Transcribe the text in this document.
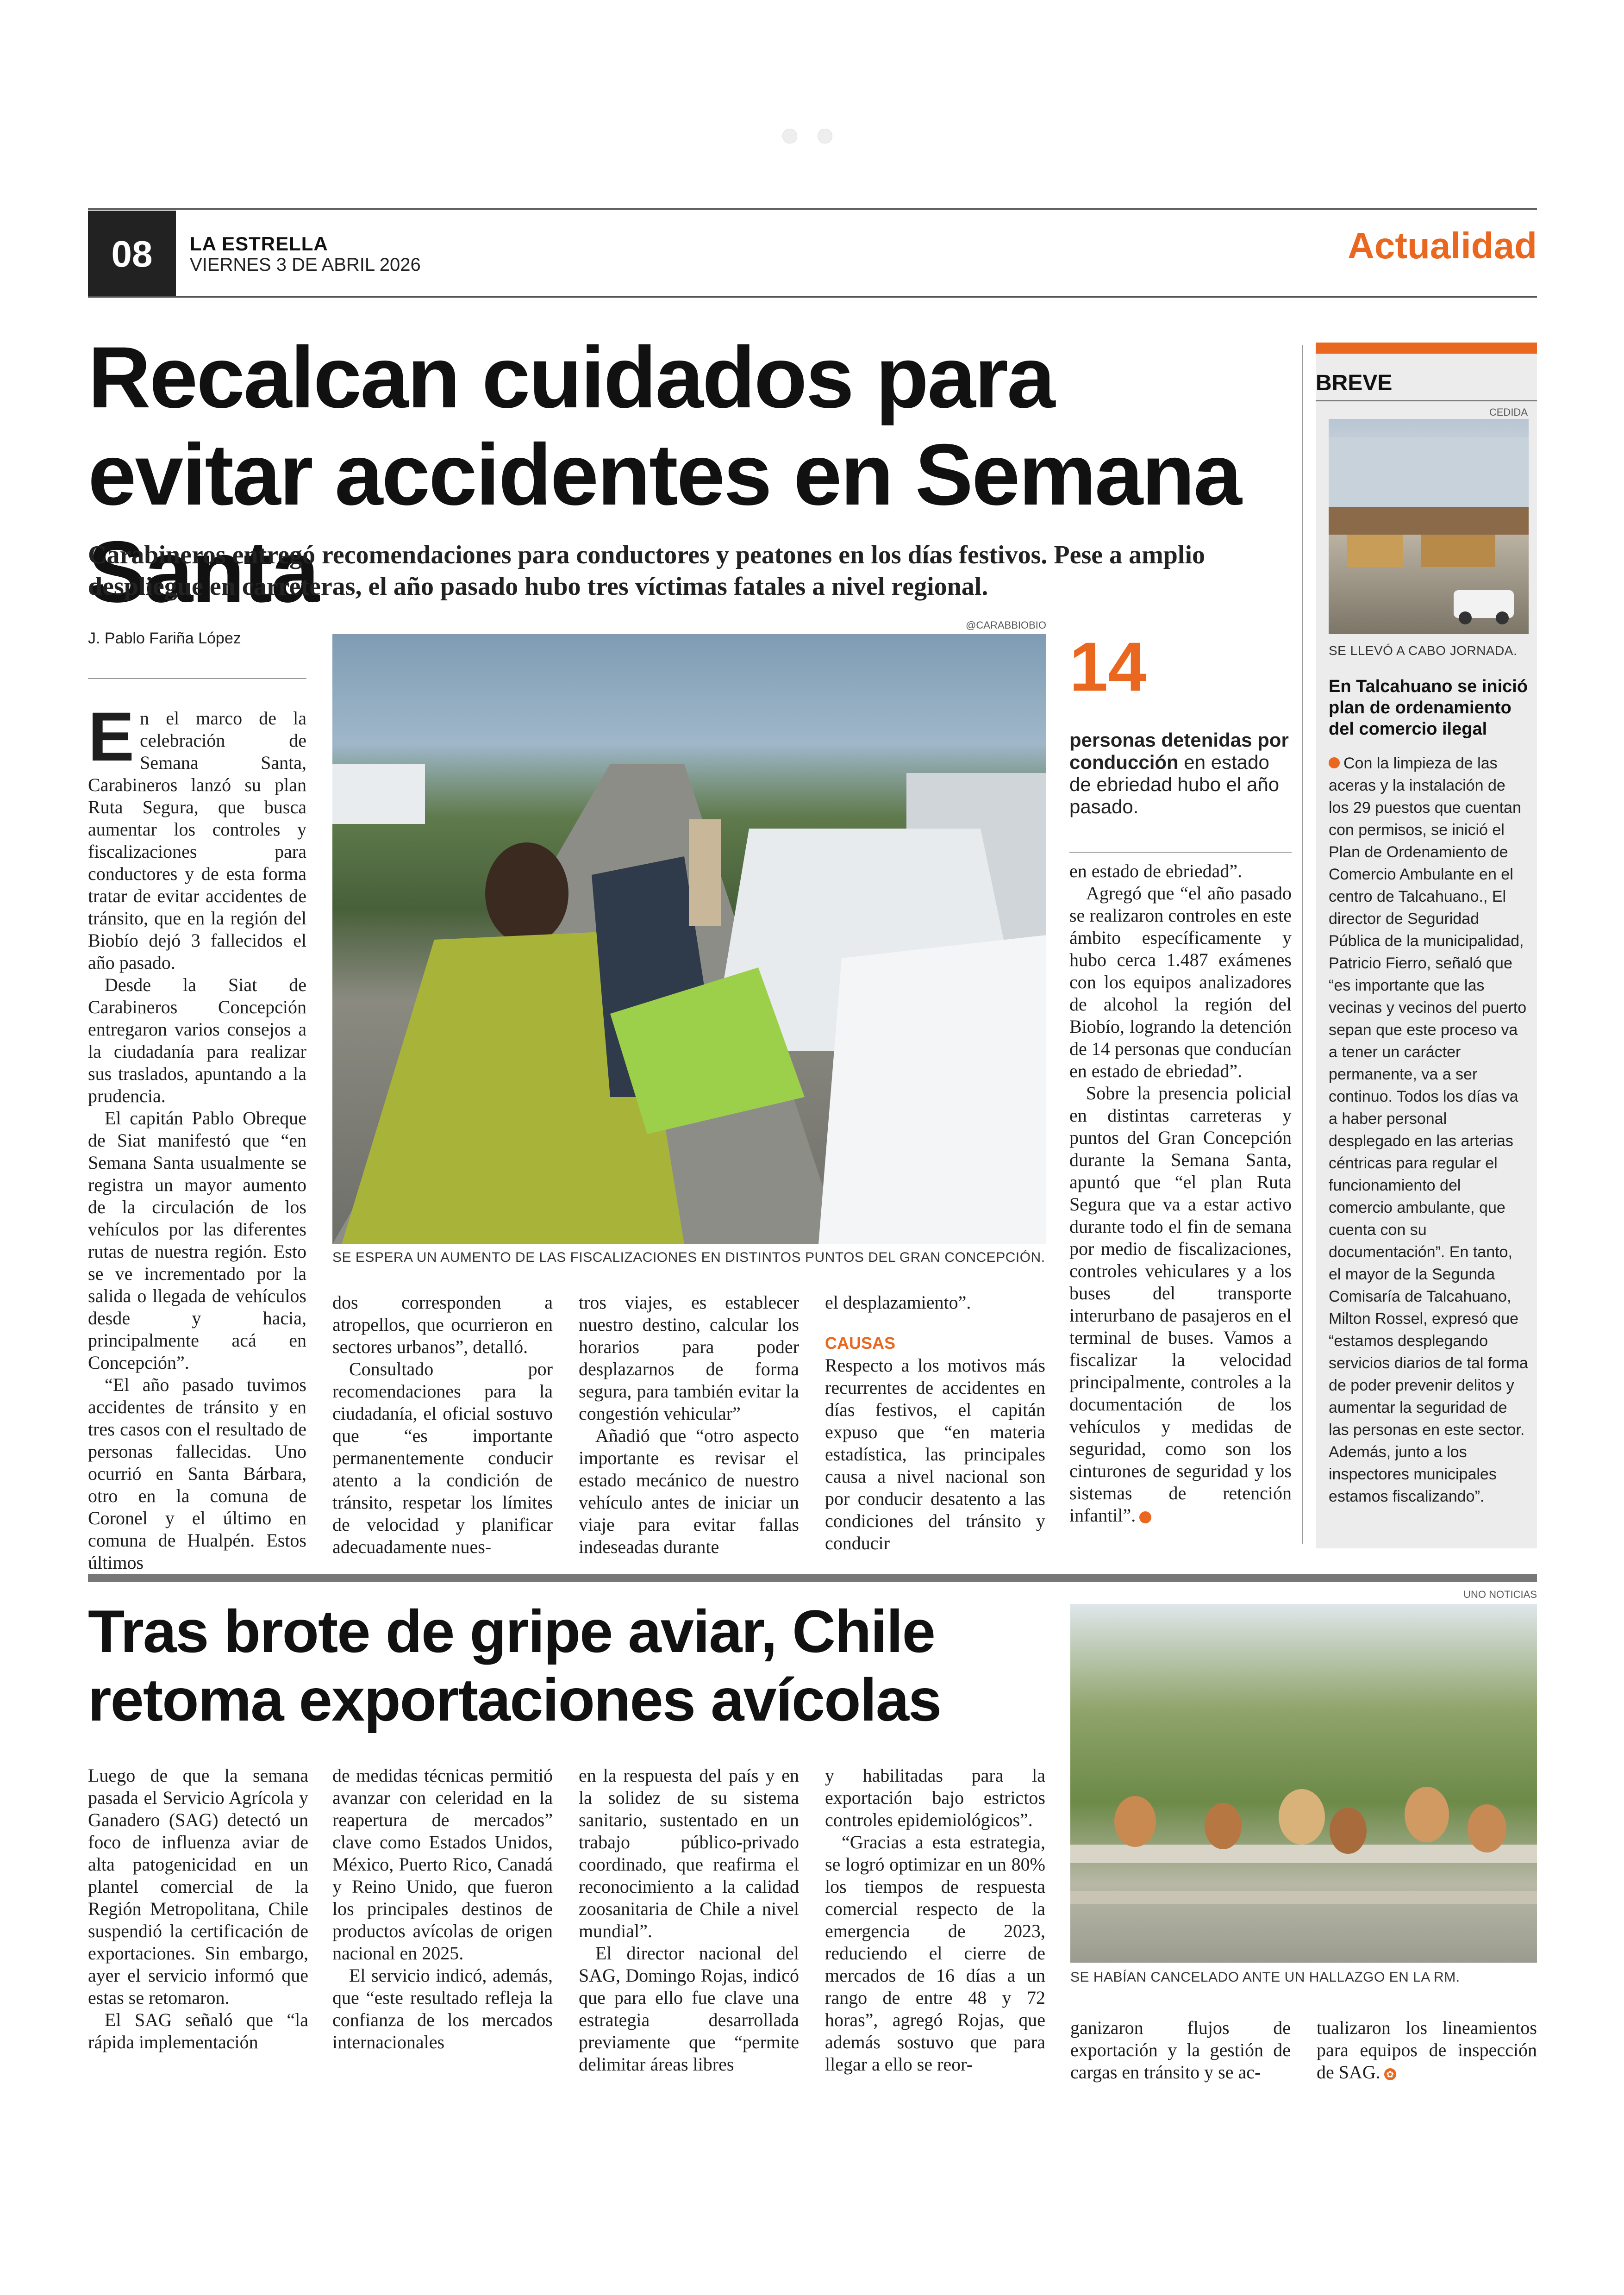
08	LA ESTRELLA
VIERNES 3 DE ABRIL 2026	Actualidad
Recalcan cuidados para evitar accidentes en Semana Santa
Carabineros entregó recomendaciones para conductores y peatones en los días festivos. Pese a amplio despliegue en carreteras, el año pasado hubo tres víctimas fatales a nivel regional.
J. Pablo Fariña López
@CARABBIOBIO
SE ESPERA UN AUMENTO DE LAS FISCALIZACIONES EN DISTINTOS PUNTOS DEL GRAN CONCEPCIÓN.
14
personas detenidas por conducción en estado de ebriedad hubo el año pasado.

En el marco de la celebración de Semana Santa, Carabineros lanzó su plan Ruta Segura, que busca aumentar los controles y fiscalizaciones para conductores y de esta forma tratar de evitar accidentes de tránsito, que en la región del Biobío dejó 3 fallecidos el año pasado.

Desde la Siat de Carabineros Concepción entregaron varios consejos a la ciudadanía para realizar sus traslados, apuntando a la prudencia.

El capitán Pablo Obreque de Siat manifestó que “en Semana Santa usualmente se registra un mayor aumento de la circulación de los vehículos por las diferentes rutas de nuestra región. Esto se ve incrementado por la salida o llegada de vehículos desde y hacia, principalmente acá en Concepción”.

“El año pasado tuvimos accidentes de tránsito y en tres casos con el resultado de personas fallecidas. Uno ocurrió en Santa Bárbara, otro en la comuna de Coronel y el último en comuna de Hualpén. Estos últimos

dos corresponden a atropellos, que ocurrieron en sectores urbanos”, detalló.

Consultado por recomendaciones para la ciudadanía, el oficial sostuvo que “es importante permanentemente conducir atento a la condición de tránsito, respetar los límites de velocidad y planificar adecuadamente nues-

tros viajes, es establecer nuestro destino, calcular los horarios para poder desplazarnos de forma segura, para también evitar la congestión vehicular”

Añadió que “otro aspecto importante es revisar el estado mecánico de nuestro vehículo antes de iniciar un viaje para evitar fallas indeseadas durante

el desplazamiento”.

CAUSAS

Respecto a los motivos más recurrentes de accidentes en días festivos, el capitán expuso que “en materia estadística, las principales causa a nivel nacional son por conducir desatento a las condiciones del tránsito y conducir

en estado de ebriedad”.

Agregó que “el año pasado se realizaron controles en este ámbito específicamente y hubo cerca 1.487 exámenes con los equipos analizadores de alcohol la región del Biobío, logrando la detención de 14 personas que conducían en estado de ebriedad”.

Sobre la presencia policial en distintas carreteras y puntos del Gran Concepción durante la Semana Santa, apuntó que “el plan Ruta Segura que va a estar activo durante todo el fin de semana por medio de fiscalizaciones, controles vehiculares y a los buses del transporte interurbano de pasajeros en el terminal de buses. Vamos a fiscalizar la velocidad principalmente, controles a la documentación de los vehículos y medidas de seguridad, como son los cinturones de seguridad y los sistemas de retención infantil”. ✿

BREVE
CEDIDA
SE LLEVÓ A CABO JORNADA.
En Talcahuano se inició plan de ordenamiento del comercio ilegal
Con la limpieza de las aceras y la instalación de los 29 puestos que cuentan con permisos, se inició el Plan de Ordenamiento de Comercio Ambulante en el centro de Talcahuano., El director de Seguridad Pública de la municipalidad, Patricio Fierro, señaló que “es importante que las vecinas y vecinos del puerto sepan que este proceso va a tener un carácter permanente, va a ser continuo. Todos los días va a haber personal desplegado en las arterias céntricas para regular el funcionamiento del comercio ambulante, que cuenta con su documentación”. En tanto, el mayor de la Segunda Comisaría de Talcahuano, Milton Rossel, expresó que “estamos desplegando servicios diarios de tal forma de poder prevenir delitos y aumentar la seguridad de las personas en este sector. Además, junto a los inspectores municipales estamos fiscalizando”.
Tras brote de gripe aviar, Chile retoma exportaciones avícolas
UNO NOTICIAS
SE HABÍAN CANCELADO ANTE UN HALLAZGO EN LA RM.

Luego de que la semana pasada el Servicio Agrícola y Ganadero (SAG) detectó un foco de influenza aviar de alta patogenicidad en un plantel comercial de la Región Metropolitana, Chile suspendió la certificación de exportaciones. Sin embargo, ayer el servicio informó que estas se retomaron.

El SAG señaló que “la rápida implementación

de medidas técnicas permitió avanzar con celeridad en la reapertura de mercados” clave como Estados Unidos, México, Puerto Rico, Canadá y Reino Unido, que fueron los principales destinos de productos avícolas de origen nacional en 2025.

El servicio indicó, además, que “este resultado refleja la confianza de los mercados internacionales

en la respuesta del país y en la solidez de su sistema sanitario, sustentado en un trabajo público-privado coordinado, que reafirma el reconocimiento a la calidad zoosanitaria de Chile a nivel mundial”.

El director nacional del SAG, Domingo Rojas, indicó que para ello fue clave una estrategia desarrollada previamente que “permite delimitar áreas libres

y habilitadas para la exportación bajo estrictos controles epidemiológicos”.

“Gracias a esta estrategia, se logró optimizar en un 80% los tiempos de respuesta comercial respecto de la emergencia de 2023, reduciendo el cierre de mercados de 16 días a un rango de entre 48 y 72 horas”, agregó Rojas, que además sostuvo que para llegar a ello se reor-

ganizaron flujos de exportación y la gestión de cargas en tránsito y se ac-

tualizaron los lineamientos para equipos de inspección de SAG. ✿
